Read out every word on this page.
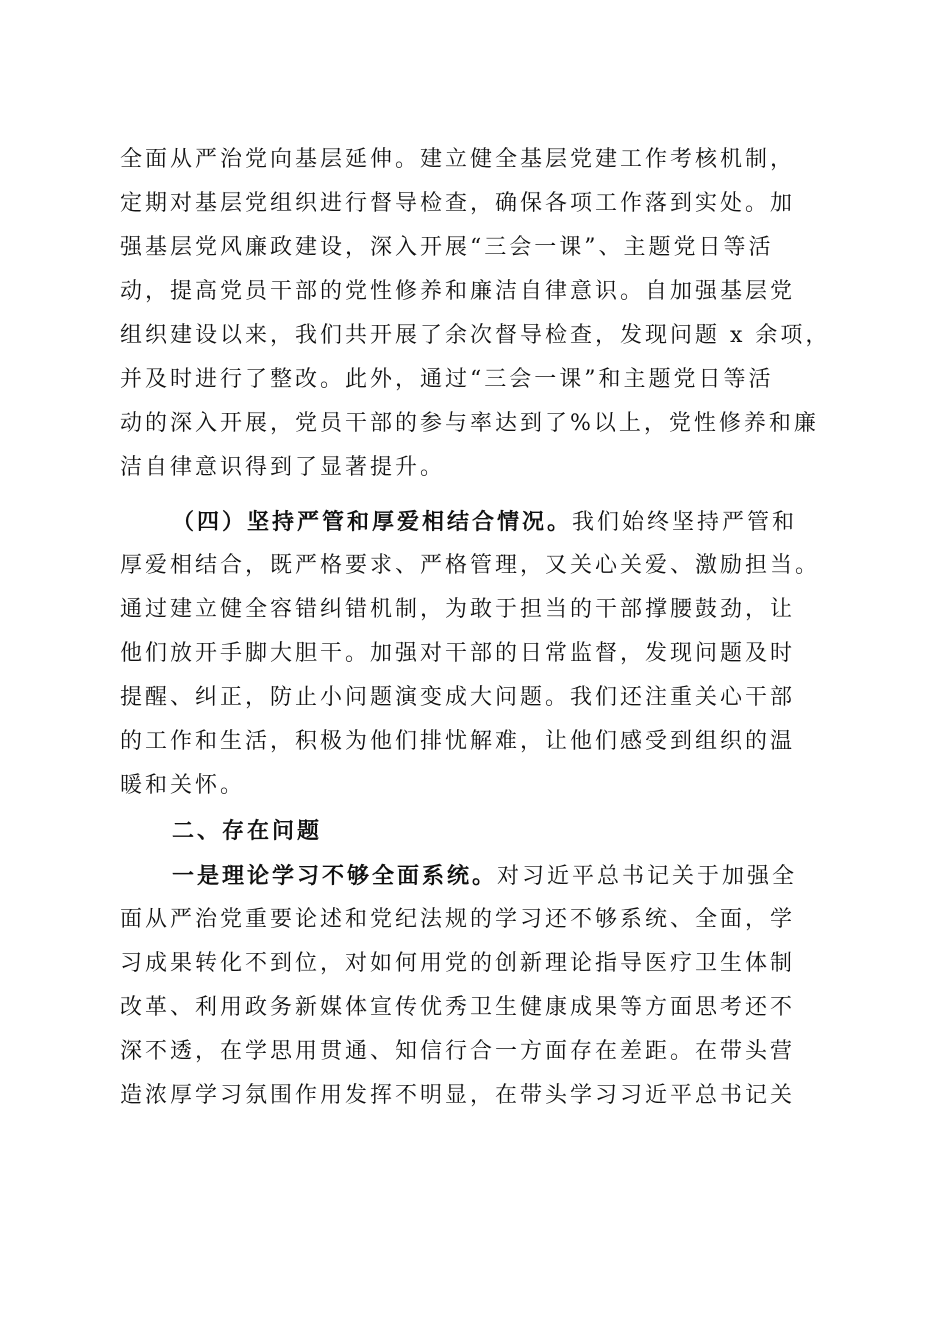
全面从严治党向基层延伸。建立健全基层党建工作考核机制，
定期对基层党组织进行督导检查，确保各项工作落到实处。加
强基层党风廉政建设，深入开展“三会一课”、主题党日等活
动，提高党员干部的党性修养和廉洁自律意识。自加强基层党
组织建设以来，我们共开展了余次督导检查，发现问题 x 余项，
并及时进行了整改。此外，通过“三会一课”和主题党日等活
动的深入开展，党员干部的参与率达到了%以上，党性修养和廉
洁自律意识得到了显著提升。
（四）坚持严管和厚爱相结合情况。我们始终坚持严管和
厚爱相结合，既严格要求、严格管理，又关心关爱、激励担当。
通过建立健全容错纠错机制，为敢于担当的干部撑腰鼓劲，让
他们放开手脚大胆干。加强对干部的日常监督，发现问题及时
提醒、纠正，防止小问题演变成大问题。我们还注重关心干部
的工作和生活，积极为他们排忧解难，让他们感受到组织的温
暖和关怀。
二、存在问题
一是理论学习不够全面系统。对习近平总书记关于加强全
面从严治党重要论述和党纪法规的学习还不够系统、全面，学
习成果转化不到位，对如何用党的创新理论指导医疗卫生体制
改革、利用政务新媒体宣传优秀卫生健康成果等方面思考还不
深不透，在学思用贯通、知信行合一方面存在差距。在带头营
造浓厚学习氛围作用发挥不明显，在带头学习习近平总书记关
